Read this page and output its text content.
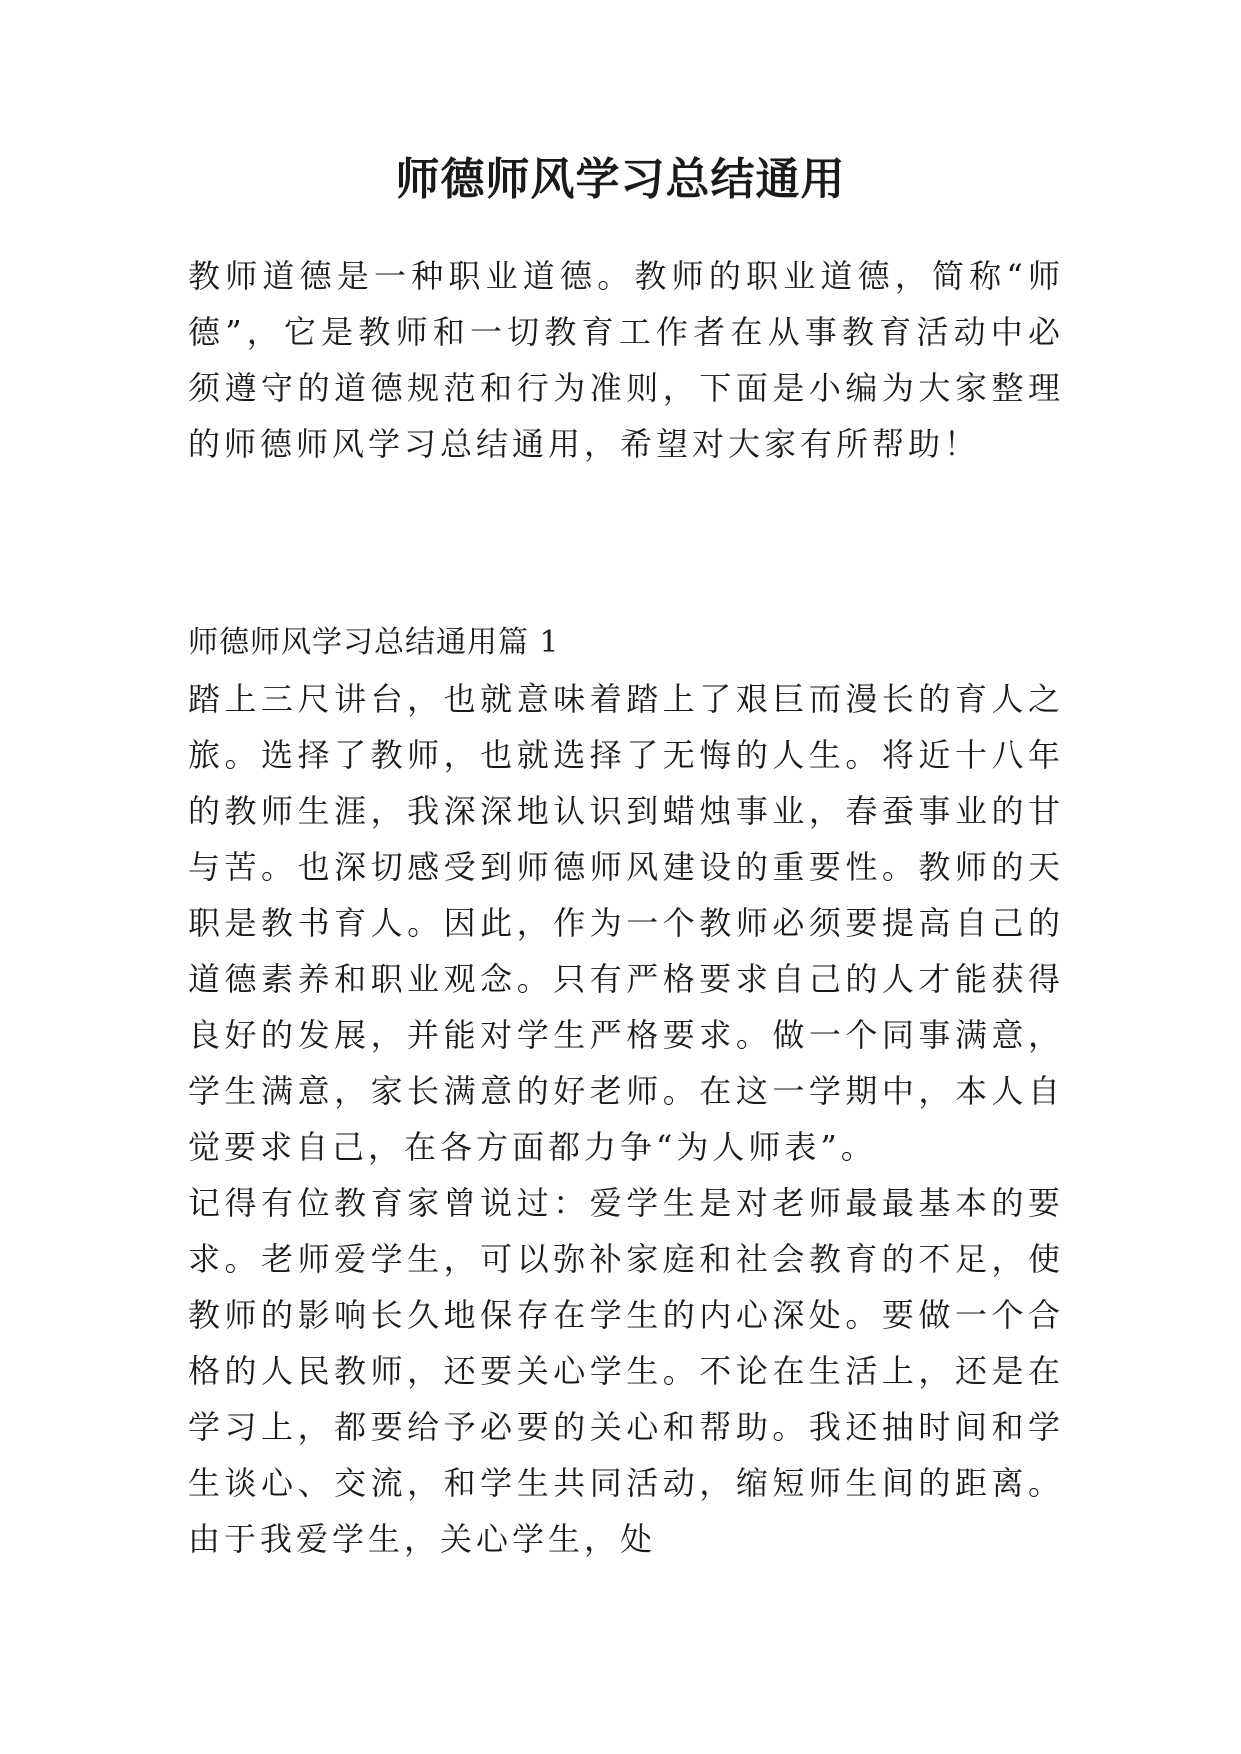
师德师风学习总结通用

教师道德是一种职业道德。教师的职业道德，简称“师德”，它是教师和一切教育工作者在从事教育活动中必须遵守的道德规范和行为准则，下面是小编为大家整理的师德师风学习总结通用，希望对大家有所帮助！

师德师风学习总结通用篇 1

踏上三尺讲台，也就意味着踏上了艰巨而漫长的育人之旅。选择了教师，也就选择了无悔的人生。将近十八年的教师生涯，我深深地认识到蜡烛事业，春蚕事业的甘与苦。也深切感受到师德师风建设的重要性。教师的天职是教书育人。因此，作为一个教师必须要提高自己的道德素养和职业观念。只有严格要求自己的人才能获得良好的发展，并能对学生严格要求。做一个同事满意，学生满意，家长满意的好老师。在这一学期中，本人自觉要求自己，在各方面都力争“为人师表”。

记得有位教育家曾说过：爱学生是对老师最最基本的要求。老师爱学生，可以弥补家庭和社会教育的不足，使教师的影响长久地保存在学生的内心深处。要做一个合格的人民教师，还要关心学生。不论在生活上，还是在学习上，都要给予必要的关心和帮助。我还抽时间和学生谈心、交流，和学生共同活动，缩短师生间的距离。由于我爱学生，关心学生，处
